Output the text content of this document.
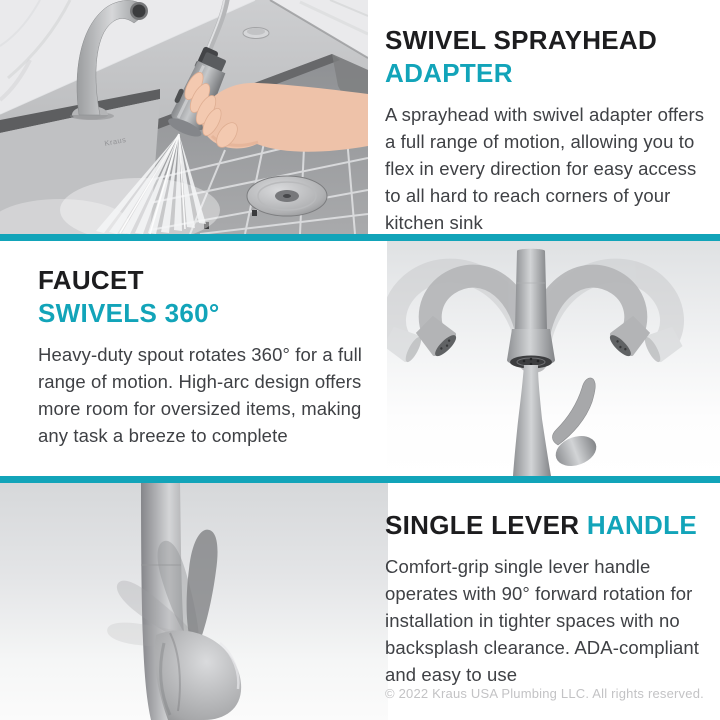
Kraus
SWIVEL SPRAYHEAD
ADAPTER

A sprayhead with swivel adapter offers a full range of motion, allowing you to flex in every direction for easy access to all hard to reach corners of your kitchen sink

FAUCET
SWIVELS 360°

Heavy-duty spout rotates 360° for a full range of motion. High-arc design offers more room for oversized items, making any task a breeze to complete

SINGLE LEVER HANDLE

Comfort-grip single lever handle operates with 90° forward rotation for installation in tighter spaces with no backsplash clearance. ADA-compliant and easy to use

© 2022 Kraus USA Plumbing LLC. All rights reserved.
